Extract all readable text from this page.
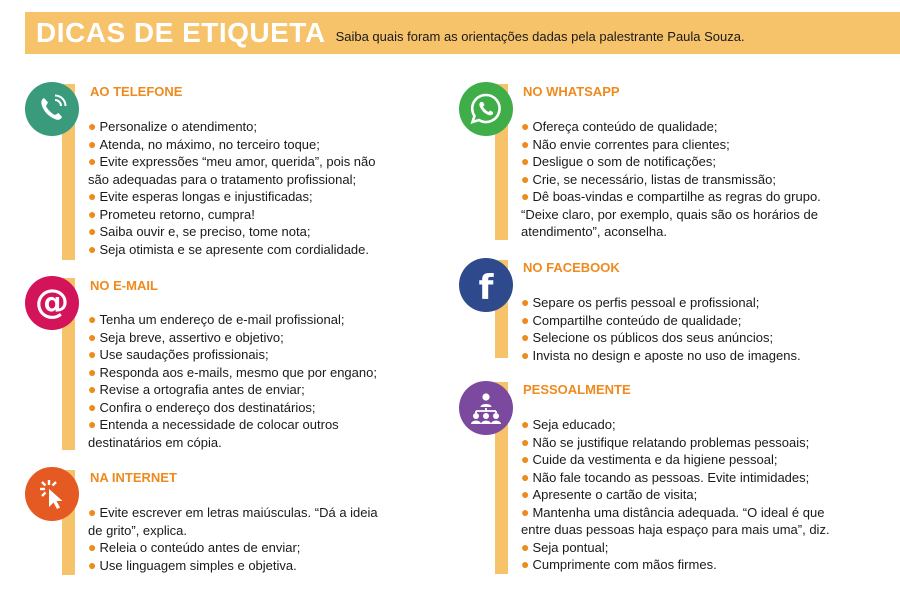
DICAS DE ETIQUETA Saiba quais foram as orientações dadas pela palestrante Paula Souza.
AO TELEFONE
● Personalize o atendimento;
● Atenda, no máximo, no terceiro toque;
● Evite expressões “meu amor, querida”, pois não
são adequadas para o tratamento profissional;
● Evite esperas longas e injustificadas;
● Prometeu retorno, cumpra!
● Saiba ouvir e, se preciso, tome nota;
● Seja otimista e se apresente com cordialidade.
@ NO E-MAIL
● Tenha um endereço de e-mail profissional;
● Seja breve, assertivo e objetivo;
● Use saudações profissionais;
● Responda aos e-mails, mesmo que por engano;
● Revise a ortografia antes de enviar;
● Confira o endereço dos destinatários;
● Entenda a necessidade de colocar outros
destinatários em cópia.
NA INTERNET
● Evite escrever em letras maiúsculas. “Dá a ideia
de grito”, explica.
● Releia o conteúdo antes de enviar;
● Use linguagem simples e objetiva.
NO WHATSAPP
● Ofereça conteúdo de qualidade;
● Não envie correntes para clientes;
● Desligue o som de notificações;
● Crie, se necessário, listas de transmissão;
● Dê boas-vindas e compartilhe as regras do grupo.
“Deixe claro, por exemplo, quais são os horários de
atendimento”, aconselha.
f
NO FACEBOOK
● Separe os perfis pessoal e profissional;
● Compartilhe conteúdo de qualidade;
● Selecione os públicos dos seus anúncios;
● Invista no design e aposte no uso de imagens.
PESSOALMENTE
● Seja educado;
● Não se justifique relatando problemas pessoais;
● Cuide da vestimenta e da higiene pessoal;
● Não fale tocando as pessoas. Evite intimidades;
● Apresente o cartão de visita;
● Mantenha uma distância adequada. “O ideal é que
entre duas pessoas haja espaço para mais uma”, diz.
● Seja pontual;
● Cumprimente com mãos firmes.
